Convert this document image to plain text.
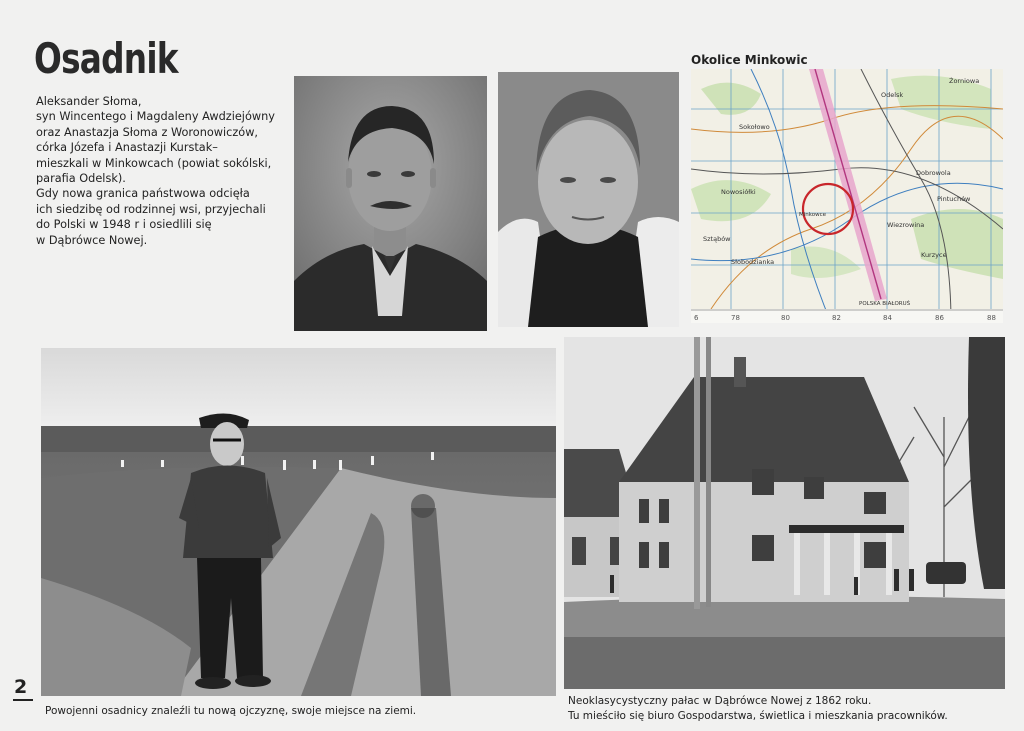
Osadnik
Aleksander Słoma,
syn Wincentego i Magdaleny Awdziejówny
oraz Anastazja Słoma z Woronowiczów,
córka Józefa i Anastazji Kurstak–
mieszkali w Minkowcach (powiat sokólski,
parafia Odelsk).
Gdy nowa granica państwowa odcięła
ich siedzibę od rodzinnej wsi, przyjechali
do Polski w 1948 r i osiedlili się
w Dąbrówce Nowej.
Okolice Minkowic
6	78	80	82	84	86	88
Odelsk
Żorniowa
Minkowce
Dobrowola
Wiezrowina
Sztąbów
Słobodzianka
Pintuchów
Nowosiółki
Sokołowo
Kurzyce
POLSKA BIAŁORUŚ
Powojenni osadnicy znaleźli tu nową ojczyznę, swoje miejsce na ziemi.
Neoklasycystyczny pałac w Dąbrówce Nowej z 1862 roku.
Tu mieściło się biuro Gospodarstwa, świetlica i mieszkania pracowników.
2
